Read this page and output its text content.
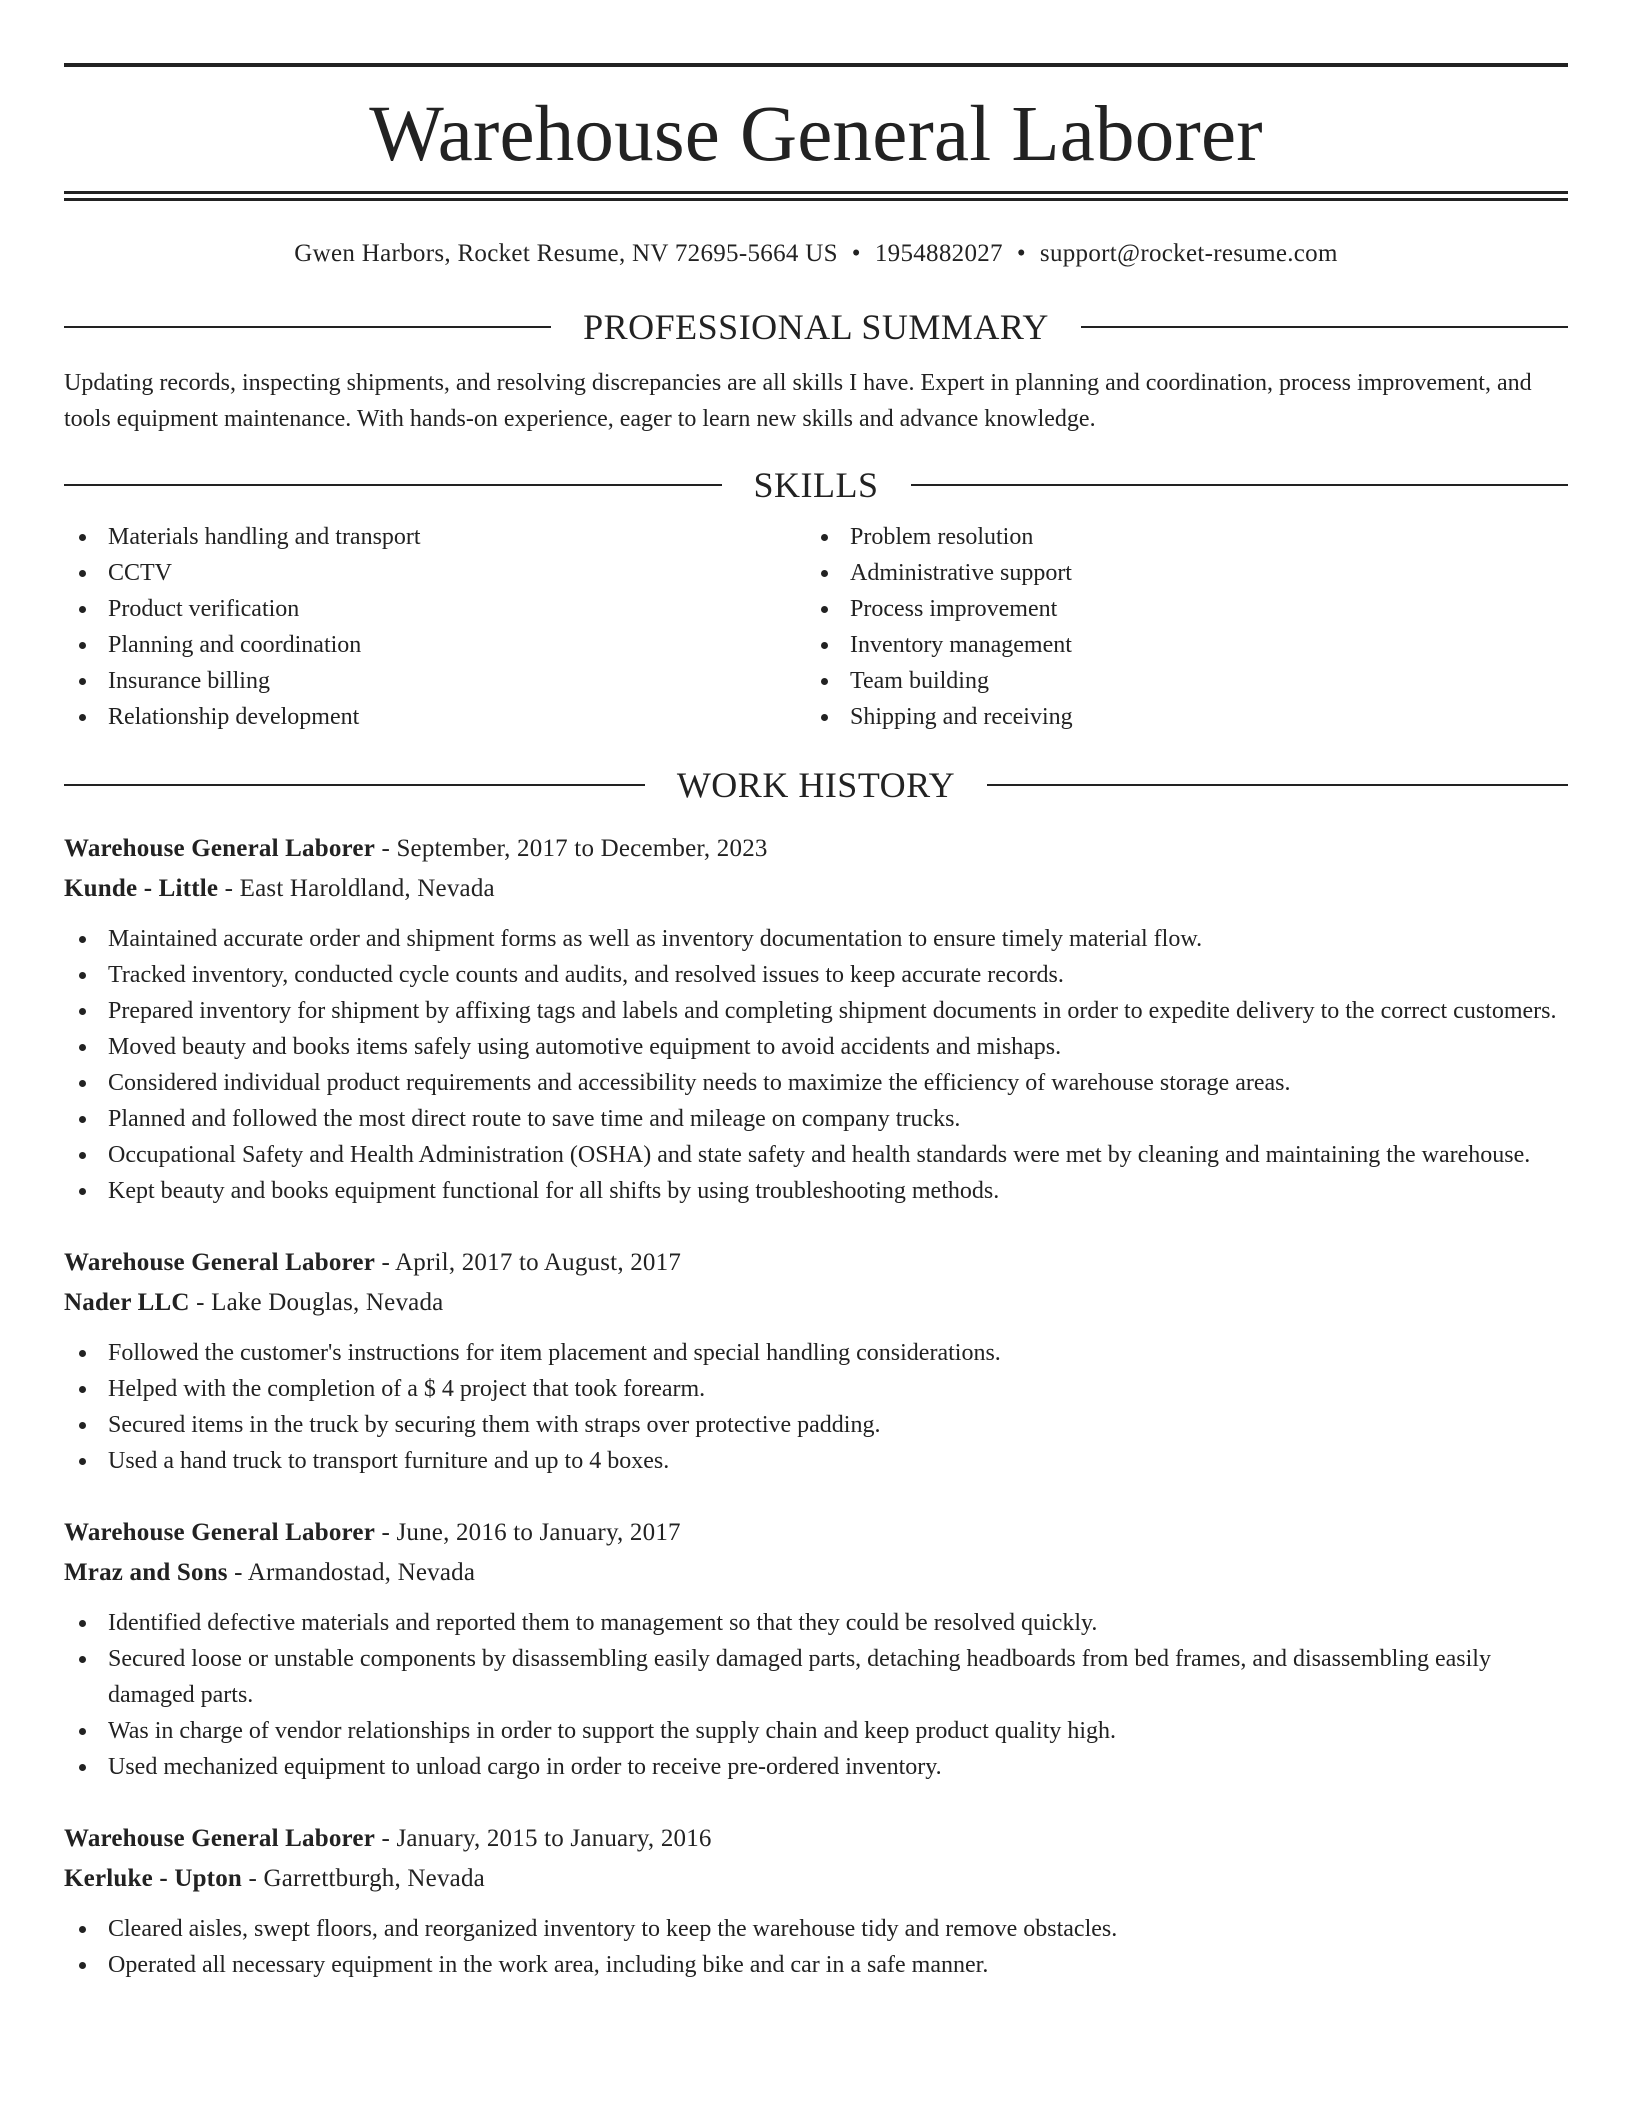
Warehouse General Laborer
Gwen Harbors, Rocket Resume, NV 72695-5664 US • 1954882027 • support@rocket-resume.com
PROFESSIONAL SUMMARY
Updating records, inspecting shipments, and resolving discrepancies are all skills I have. Expert in planning and coordination, process improvement, and tools equipment maintenance. With hands-on experience, eager to learn new skills and advance knowledge.
SKILLS
Materials handling and transport
CCTV
Product verification
Planning and coordination
Insurance billing
Relationship development
Problem resolution
Administrative support
Process improvement
Inventory management
Team building
Shipping and receiving
WORK HISTORY
Warehouse General Laborer - September, 2017 to December, 2023
Kunde - Little - East Haroldland, Nevada
Maintained accurate order and shipment forms as well as inventory documentation to ensure timely material flow.
Tracked inventory, conducted cycle counts and audits, and resolved issues to keep accurate records.
Prepared inventory for shipment by affixing tags and labels and completing shipment documents in order to expedite delivery to the correct customers.
Moved beauty and books items safely using automotive equipment to avoid accidents and mishaps.
Considered individual product requirements and accessibility needs to maximize the efficiency of warehouse storage areas.
Planned and followed the most direct route to save time and mileage on company trucks.
Occupational Safety and Health Administration (OSHA) and state safety and health standards were met by cleaning and maintaining the warehouse.
Kept beauty and books equipment functional for all shifts by using troubleshooting methods.
Warehouse General Laborer - April, 2017 to August, 2017
Nader LLC - Lake Douglas, Nevada
Followed the customer's instructions for item placement and special handling considerations.
Helped with the completion of a $ 4 project that took forearm.
Secured items in the truck by securing them with straps over protective padding.
Used a hand truck to transport furniture and up to 4 boxes.
Warehouse General Laborer - June, 2016 to January, 2017
Mraz and Sons - Armandostad, Nevada
Identified defective materials and reported them to management so that they could be resolved quickly.
Secured loose or unstable components by disassembling easily damaged parts, detaching headboards from bed frames, and disassembling easily damaged parts.
Was in charge of vendor relationships in order to support the supply chain and keep product quality high.
Used mechanized equipment to unload cargo in order to receive pre-ordered inventory.
Warehouse General Laborer - January, 2015 to January, 2016
Kerluke - Upton - Garrettburgh, Nevada
Cleared aisles, swept floors, and reorganized inventory to keep the warehouse tidy and remove obstacles.
Operated all necessary equipment in the work area, including bike and car in a safe manner.
